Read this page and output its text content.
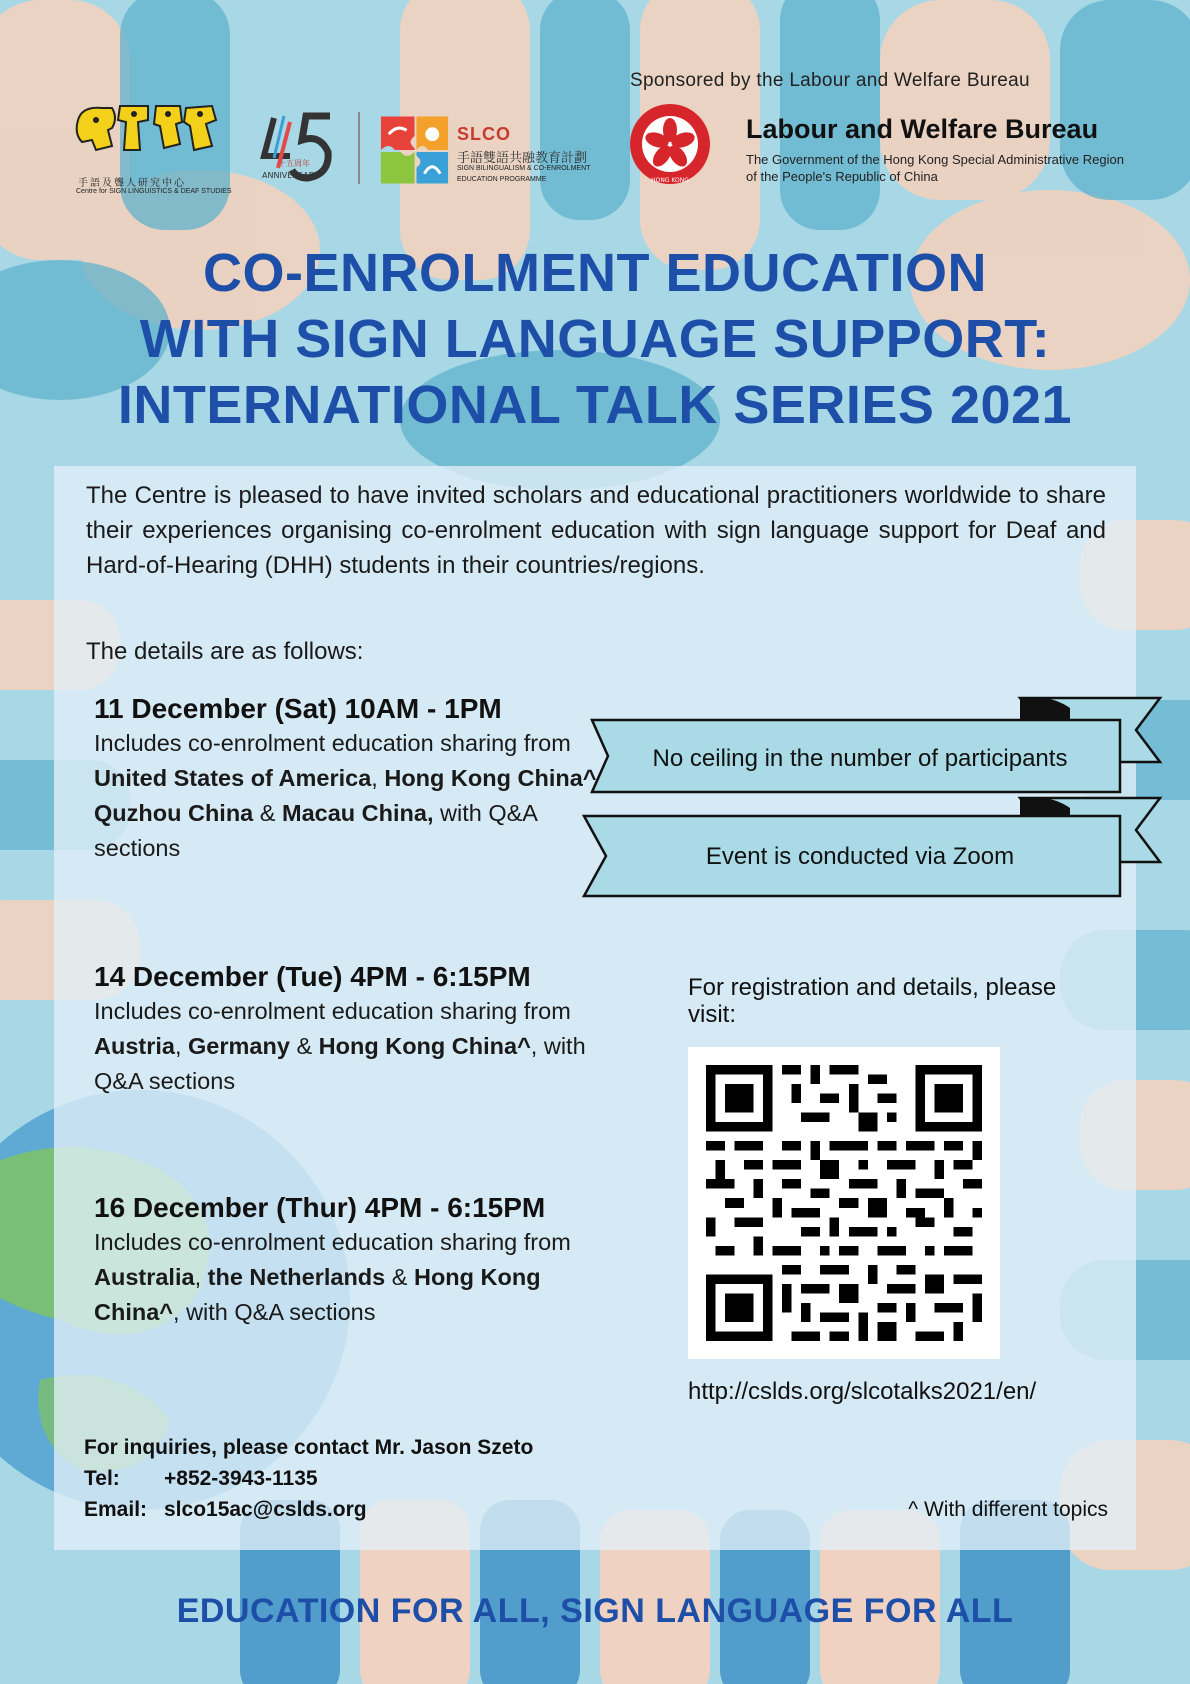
Sponsored by the Labour and Welfare Bureau
手語及聾人研究中心
Centre for SIGN LINGUISTICS & DEAF STUDIES
ANNIVERSARY
十五周年
SLCO
手語雙語共融教育計劃
SIGN BILINGUALISM & CO-ENROLMENT
EDUCATION PROGRAMME	HONG KONG
Labour and Welfare Bureau
The Government of the Hong Kong Special Administrative Region
of the People's Republic of China
CO-ENROLMENT EDUCATION
WITH SIGN LANGUAGE SUPPORT:
INTERNATIONAL TALK SERIES 2021

The Centre is pleased to have invited scholars and educational practitioners worldwide to share their experiences organising co-enrolment education with sign language support for Deaf and Hard-of-Hearing (DHH) students in their countries/regions.

The details are as follows:

11 December (Sat) 10AM - 1PM

Includes co-enrolment education sharing from United States of America, Hong Kong China^Quzhou China & Macau China, with Q&A sections

14 December (Tue) 4PM - 6:15PM

Includes co-enrolment education sharing from Austria, Germany & Hong Kong China^, with Q&A sections

16 December (Thur) 4PM - 6:15PM

Includes co-enrolment education sharing from Australia, the Netherlands & Hong Kong China^, with Q&A sections

No ceiling in the number of participants
Event is conducted via Zoom
For registration and details, please visit:
http://cslds.org/slcotalks2021/en/
For inquiries, please contact Mr. Jason Szeto
Tel: +852-3943-1135
Email: slco15ac@cslds.org	^ With different topics
EDUCATION FOR ALL, SIGN LANGUAGE FOR ALL
